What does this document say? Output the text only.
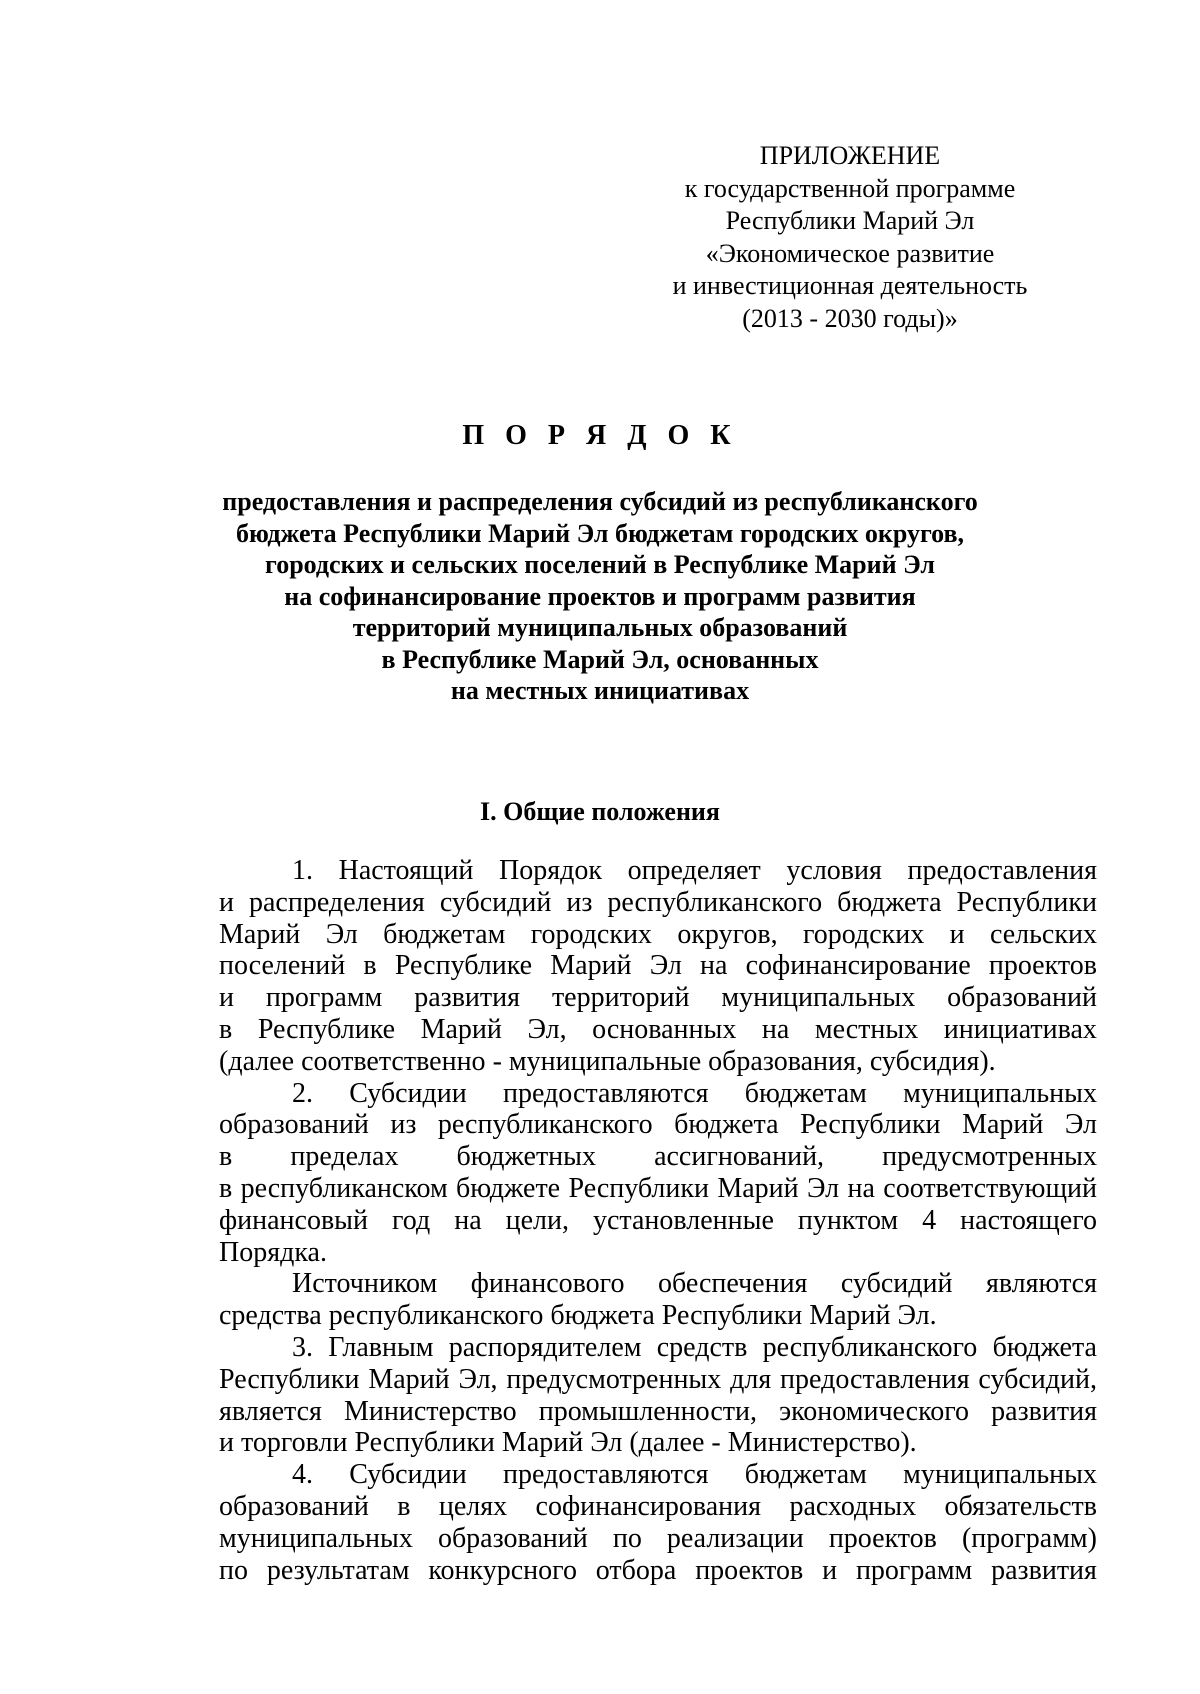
ПРИЛОЖЕНИЕ
к государственной программе
Республики Марий Эл
«Экономическое развитие
и инвестиционная деятельность
(2013 - 2030 годы)»
П О Р Я Д О К
предоставления и распределения субсидий из республиканского
бюджета Республики Марий Эл бюджетам городских округов,
городских и сельских поселений в Республике Марий Эл
на софинансирование проектов и программ развития
территорий муниципальных образований
в Республике Марий Эл, основанных
на местных инициативах
I. Общие положения
1. Настоящий Порядок определяет условия предоставления
и распределения субсидий из республиканского бюджета Республики
Марий Эл бюджетам городских округов, городских и сельских
поселений в Республике Марий Эл на софинансирование проектов
и программ развития территорий муниципальных образований
в Республике Марий Эл, основанных на местных инициативах
(далее соответственно - муниципальные образования, субсидия).
2. Субсидии предоставляются бюджетам муниципальных
образований из республиканского бюджета Республики Марий Эл
в пределах бюджетных ассигнований, предусмотренных
в республиканском бюджете Республики Марий Эл на соответствующий
финансовый год на цели, установленные пунктом 4 настоящего
Порядка.
Источником финансового обеспечения субсидий являются
средства республиканского бюджета Республики Марий Эл.
3. Главным распорядителем средств республиканского бюджета
Республики Марий Эл, предусмотренных для предоставления субсидий,
является Министерство промышленности, экономического развития
и торговли Республики Марий Эл (далее - Министерство).
4. Субсидии предоставляются бюджетам муниципальных
образований в целях софинансирования расходных обязательств
муниципальных образований по реализации проектов (программ)
по результатам конкурсного отбора проектов и программ развития
